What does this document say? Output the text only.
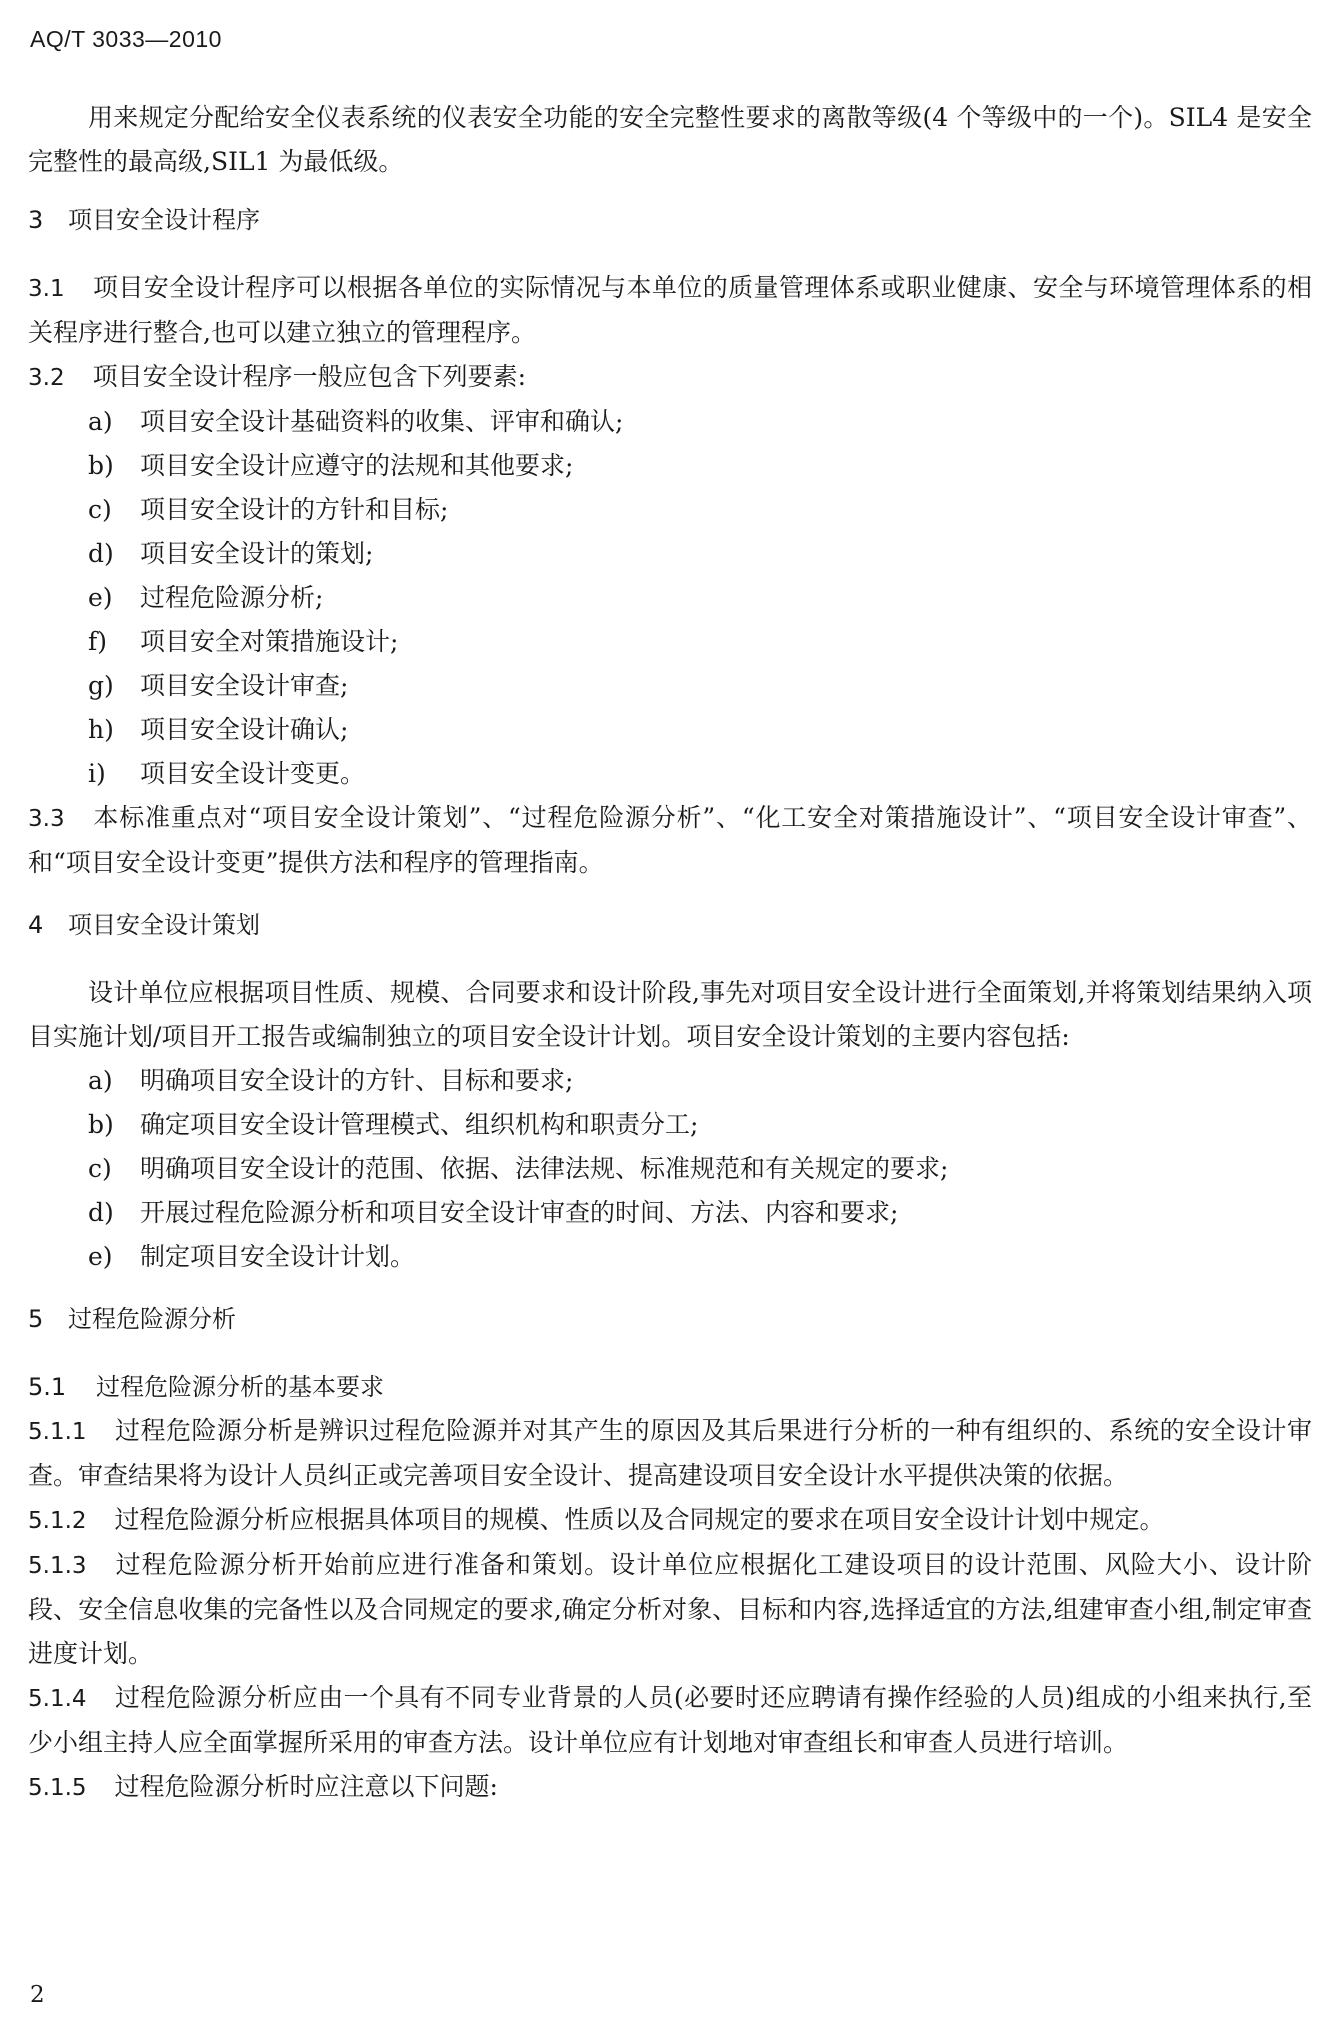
AQ/T 3033—2010

用来规定分配给安全仪表系统的仪表安全功能的安全完整性要求的离散等级(4 个等级中的一个)。SIL4 是安全完整性的最高级,SIL1 为最低级。

3 项目安全设计程序

3.1 项目安全设计程序可以根据各单位的实际情况与本单位的质量管理体系或职业健康、安全与环境管理体系的相关程序进行整合,也可以建立独立的管理程序。

3.2 项目安全设计程序一般应包含下列要素:

a) 项目安全设计基础资料的收集、评审和确认;

b) 项目安全设计应遵守的法规和其他要求;

c) 项目安全设计的方针和目标;

d) 项目安全设计的策划;

e) 过程危险源分析;

f) 项目安全对策措施设计;

g) 项目安全设计审查;

h) 项目安全设计确认;

i) 项目安全设计变更。

3.3 本标准重点对“项目安全设计策划”、“过程危险源分析”、“化工安全对策措施设计”、“项目安全设计审查”、和“项目安全设计变更”提供方法和程序的管理指南。

4 项目安全设计策划

设计单位应根据项目性质、规模、合同要求和设计阶段,事先对项目安全设计进行全面策划,并将策划结果纳入项目实施计划/项目开工报告或编制独立的项目安全设计计划。项目安全设计策划的主要内容包括:

a) 明确项目安全设计的方针、目标和要求;

b) 确定项目安全设计管理模式、组织机构和职责分工;

c) 明确项目安全设计的范围、依据、法律法规、标准规范和有关规定的要求;

d) 开展过程危险源分析和项目安全设计审查的时间、方法、内容和要求;

e) 制定项目安全设计计划。

5 过程危险源分析
5.1 过程危险源分析的基本要求

5.1.1 过程危险源分析是辨识过程危险源并对其产生的原因及其后果进行分析的一种有组织的、系统的安全设计审查。审查结果将为设计人员纠正或完善项目安全设计、提高建设项目安全设计水平提供决策的依据。

5.1.2 过程危险源分析应根据具体项目的规模、性质以及合同规定的要求在项目安全设计计划中规定。

5.1.3 过程危险源分析开始前应进行准备和策划。设计单位应根据化工建设项目的设计范围、风险大小、设计阶段、安全信息收集的完备性以及合同规定的要求,确定分析对象、目标和内容,选择适宜的方法,组建审查小组,制定审查进度计划。

5.1.4 过程危险源分析应由一个具有不同专业背景的人员(必要时还应聘请有操作经验的人员)组成的小组来执行,至少小组主持人应全面掌握所采用的审查方法。设计单位应有计划地对审查组长和审查人员进行培训。

5.1.5 过程危险源分析时应注意以下问题:

2
